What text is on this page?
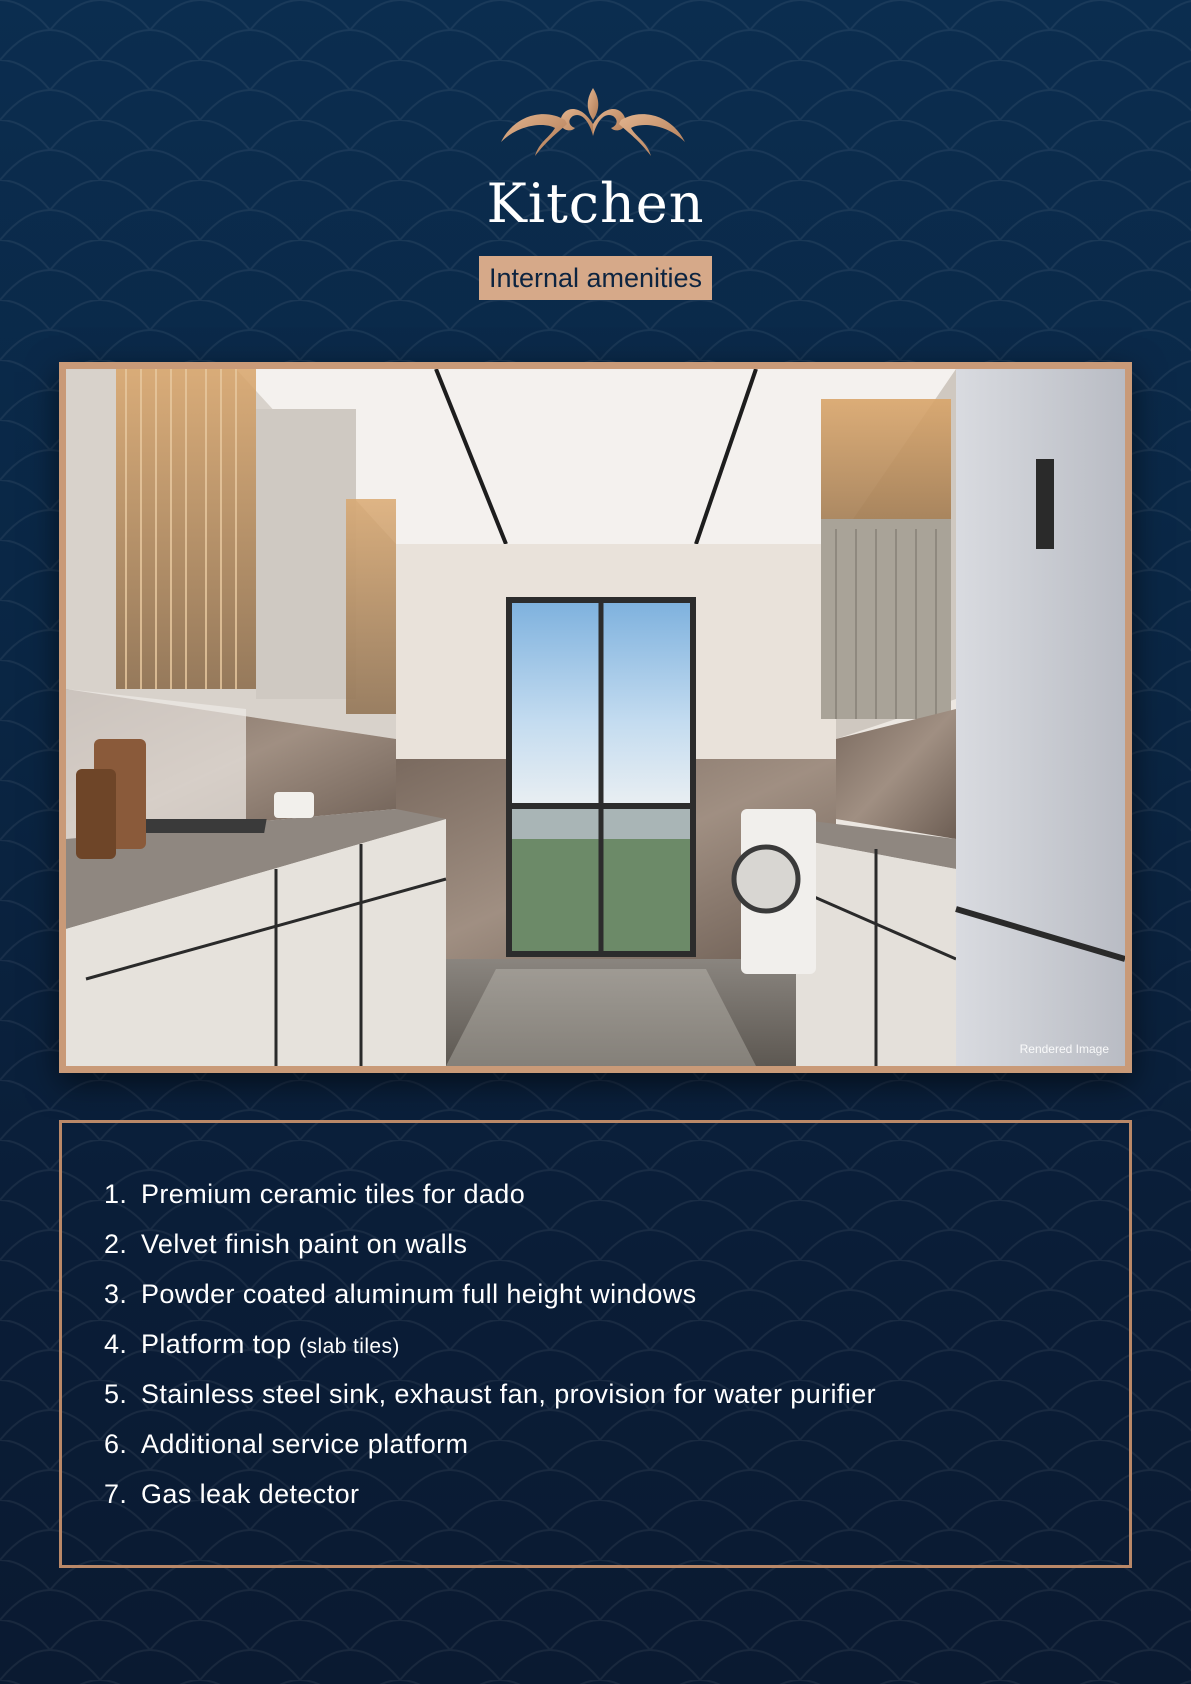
Kitchen
Internal amenities
Rendered Image
1. Premium ceramic tiles for dado
2. Velvet finish paint on walls
3. Powder coated aluminum full height windows
4. Platform top (slab tiles)
5. Stainless steel sink, exhaust fan, provision for water purifier
6. Additional service platform
7. Gas leak detector
